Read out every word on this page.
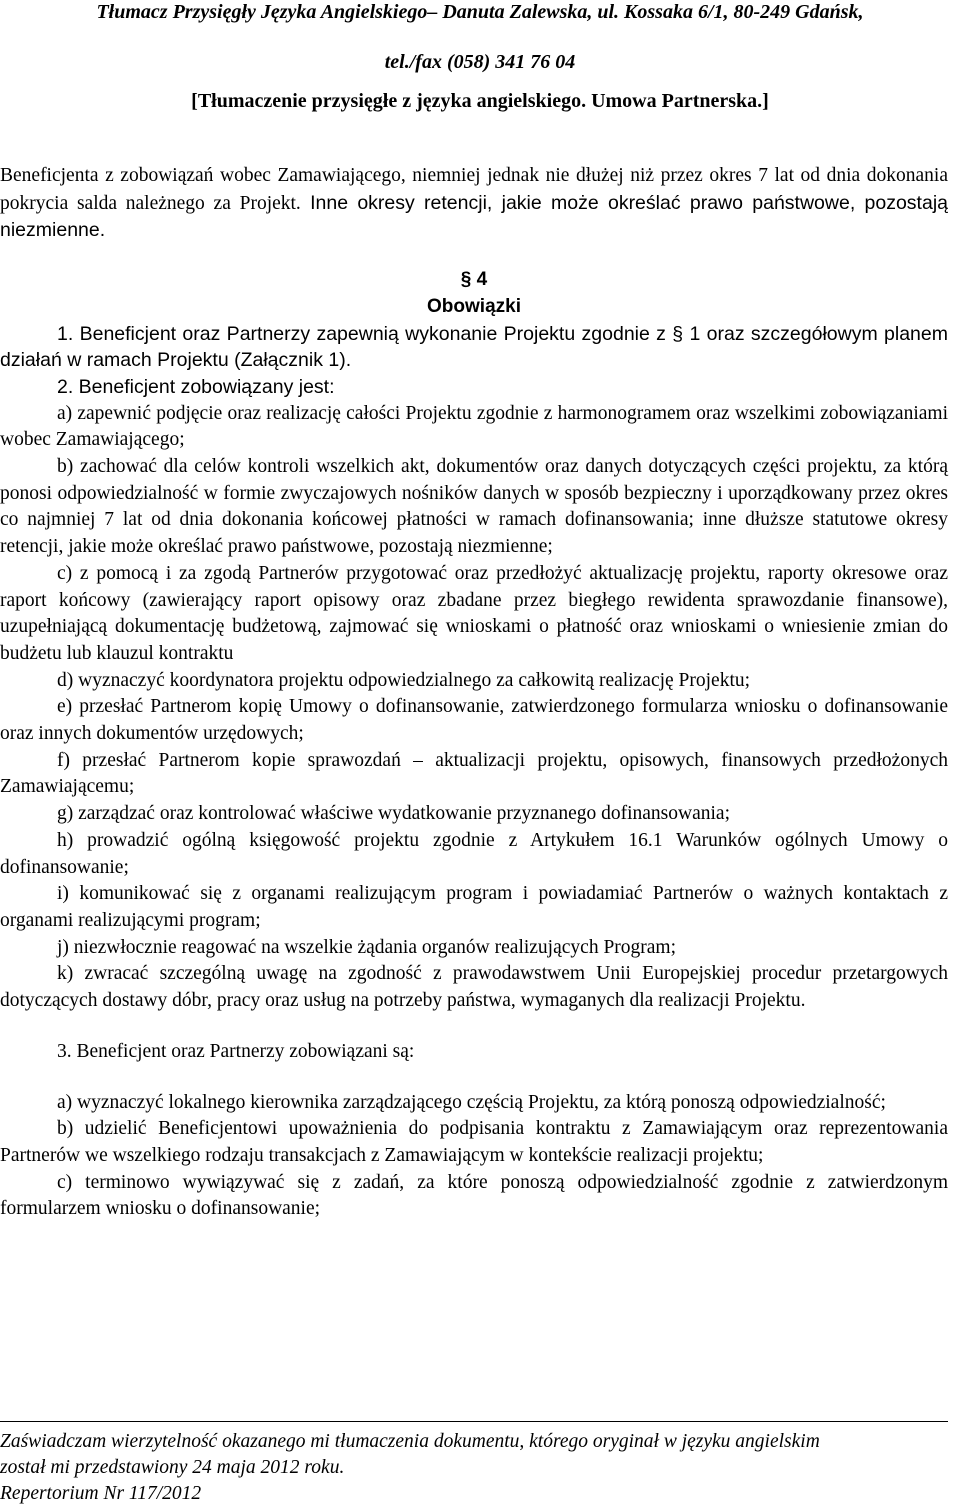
Tłumacz Przysięgły Języka Angielskiego– Danuta Zalewska, ul. Kossaka 6/1, 80-249 Gdańsk,
tel./fax (058) 341 76 04
[Tłumaczenie przysięgłe z języka angielskiego. Umowa Partnerska.]

Beneficjenta z zobowiązań wobec Zamawiającego, niemniej jednak nie dłużej niż przez okres 7 lat od dnia dokonania pokrycia salda należnego za Projekt. Inne okresy retencji, jakie może określać prawo państwowe, pozostają niezmienne.

§ 4
Obowiązki

1. Beneficjent oraz Partnerzy zapewnią wykonanie Projektu zgodnie z § 1 oraz szczegółowym planem działań w ramach Projektu (Załącznik 1).

2. Beneficjent zobowiązany jest:

a) zapewnić podjęcie oraz realizację całości Projektu zgodnie z harmonogramem oraz wszelkimi zobowiązaniami wobec Zamawiającego;

b) zachować dla celów kontroli wszelkich akt, dokumentów oraz danych dotyczących części projektu, za którą ponosi odpowiedzialność w formie zwyczajowych nośników danych w sposób bezpieczny i uporządkowany przez okres co najmniej 7 lat od dnia dokonania końcowej płatności w ramach dofinansowania; inne dłuższe statutowe okresy retencji, jakie może określać prawo państwowe, pozostają niezmienne;

c) z pomocą i za zgodą Partnerów przygotować oraz przedłożyć aktualizację projektu, raporty okresowe oraz raport końcowy (zawierający raport opisowy oraz zbadane przez biegłego rewidenta sprawozdanie finansowe), uzupełniającą dokumentację budżetową, zajmować się wnioskami o płatność oraz wnioskami o wniesienie zmian do budżetu lub klauzul kontraktu

d) wyznaczyć koordynatora projektu odpowiedzialnego za całkowitą realizację Projektu;

e) przesłać Partnerom kopię Umowy o dofinansowanie, zatwierdzonego formularza wniosku o dofinansowanie oraz innych dokumentów urzędowych;

f) przesłać Partnerom kopie sprawozdań – aktualizacji projektu, opisowych, finansowych przedłożonych Zamawiającemu;

g) zarządzać oraz kontrolować właściwe wydatkowanie przyznanego dofinansowania;

h) prowadzić ogólną księgowość projektu zgodnie z Artykułem 16.1 Warunków ogólnych Umowy o dofinansowanie;

i) komunikować się z organami realizującym program i powiadamiać Partnerów o ważnych kontaktach z organami realizującymi program;

j) niezwłocznie reagować na wszelkie żądania organów realizujących Program;

k) zwracać szczególną uwagę na zgodność z prawodawstwem Unii Europejskiej procedur przetargowych dotyczących dostawy dóbr, pracy oraz usług na potrzeby państwa, wymaganych dla realizacji Projektu.

3. Beneficjent oraz Partnerzy zobowiązani są:

a) wyznaczyć lokalnego kierownika zarządzającego częścią Projektu, za którą ponoszą odpowiedzialność;

b) udzielić Beneficjentowi upoważnienia do podpisania kontraktu z Zamawiającym oraz reprezentowania Partnerów we wszelkiego rodzaju transakcjach z Zamawiającym w kontekście realizacji projektu;

c) terminowo wywiązywać się z zadań, za które ponoszą odpowiedzialność zgodnie z zatwierdzonym formularzem wniosku o dofinansowanie;

Zaświadczam wierzytelność okazanego mi tłumaczenia dokumentu, którego oryginał w języku angielskim
został mi przedstawiony 24 maja 2012 roku.
Repertorium Nr 117/2012
